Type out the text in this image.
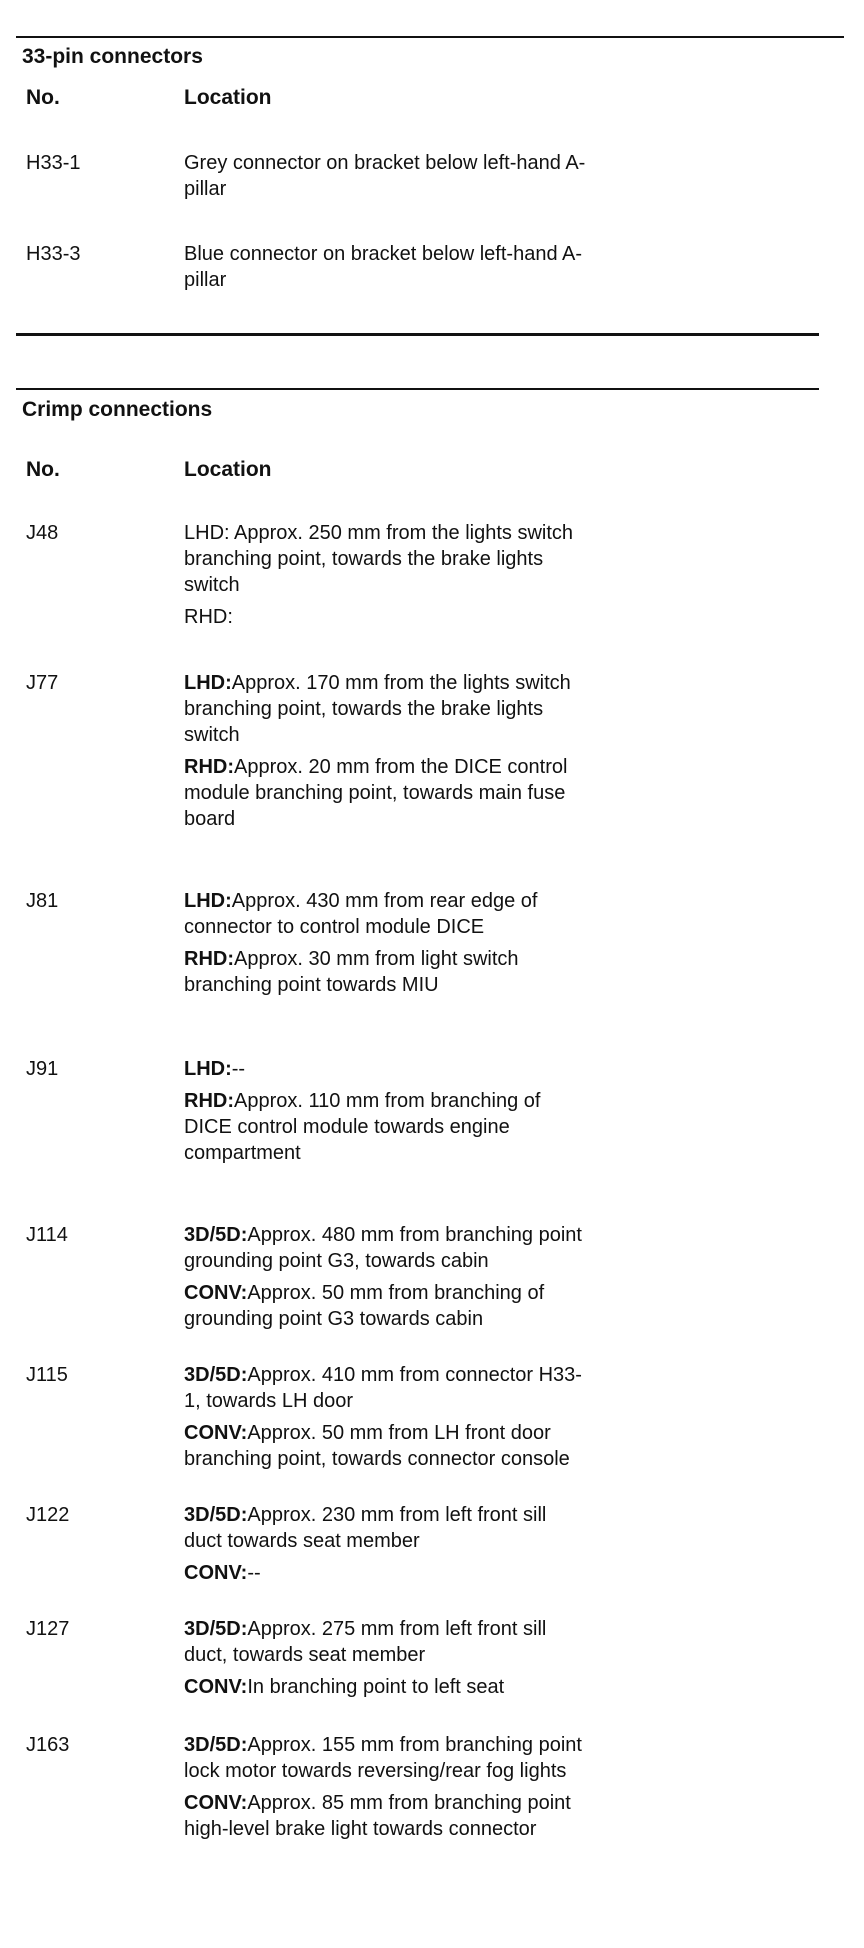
33-pin connectors
No.	Location
H33-1	Grey connector on bracket below left-hand A-
pillar
H33-3	Blue connector on bracket below left-hand A-
pillar
Crimp connections
No.	Location
J48	LHD: Approx. 250 mm from the lights switch
branching point, towards the brake lights
switch
RHD:
J77	LHD:Approx. 170 mm from the lights switch
branching point, towards the brake lights
switch
RHD:Approx. 20 mm from the DICE control
module branching point, towards main fuse
board
J81	LHD:Approx. 430 mm from rear edge of
connector to control module DICE
RHD:Approx. 30 mm from light switch
branching point towards MIU
J91	LHD:--
RHD:Approx. 110 mm from branching of
DICE control module towards engine
compartment
J114	3D/5D:Approx. 480 mm from branching point
grounding point G3, towards cabin
CONV:Approx. 50 mm from branching of
grounding point G3 towards cabin
J115	3D/5D:Approx. 410 mm from connector H33-
1, towards LH door
CONV:Approx. 50 mm from LH front door
branching point, towards connector console
J122	3D/5D:Approx. 230 mm from left front sill
duct towards seat member
CONV:--
J127	3D/5D:Approx. 275 mm from left front sill
duct, towards seat member
CONV:In branching point to left seat
J163	3D/5D:Approx. 155 mm from branching point
lock motor towards reversing/rear fog lights
CONV:Approx. 85 mm from branching point
high-level brake light towards connector
